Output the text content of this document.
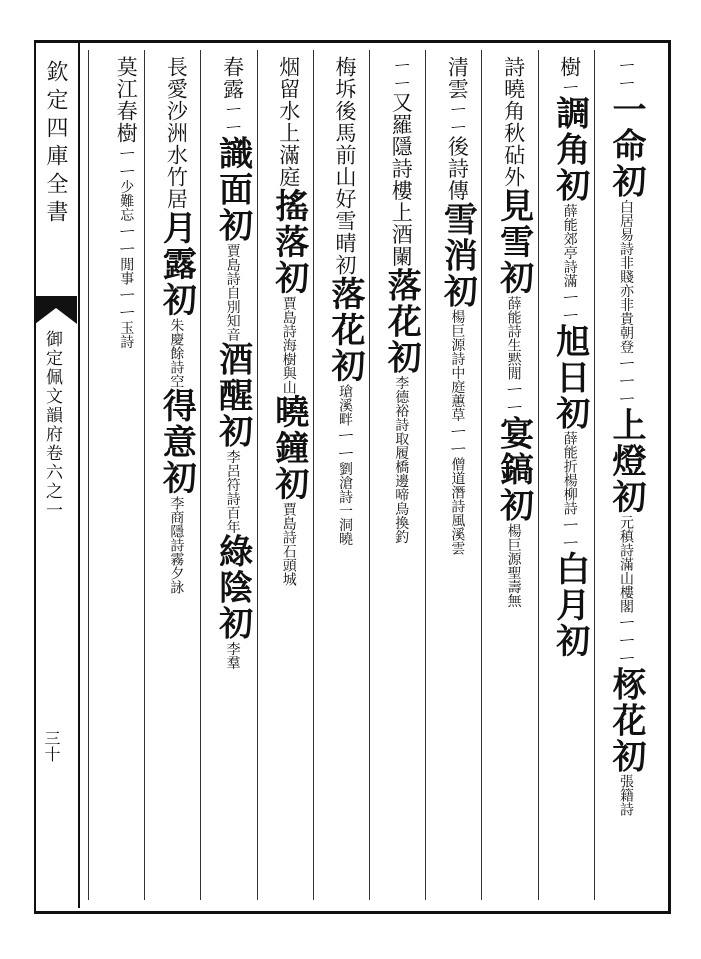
欽定四庫全書
御定佩文韻府卷六之一
三十
ㄧㄧ一命初白居易詩非賤亦非貴朝登ㄧㄧㄧ上燈初元稹詩滿山樓閣ㄧㄧㄧ㭬花初張籍詩
樹ㄧ調角初薛能郊亭詩滿ㄧㄧ旭日初薛能折楊柳詩ㄧㄧ白月初
詩曉角秋砧外見雪初薛能詩生黙閒ㄧㄧ宴鎬初楊巨源聖壽無
清雲ㄧㄧ後詩傳雪消初楊巨源詩中庭蕙草ㄧㄧ僧道潛詩風溪雲
ㄧㄧ又羅隱詩樓上酒闌落花初李德裕詩取履橋邊啼鳥換釣
梅坼後馬前山好雪晴初落花初瑲溪畔ㄧㄧ劉滄詩一洞曉
烟留水上滿庭搖落初賈島詩海樹與山曉鐘初賈島詩石頭城
春露ㄧㄧ識面初賈島詩自別知音酒醒初李呂符詩百年綠陰初李羣
長愛沙洲水竹居月露初朱慶餘詩空得意初李商隱詩霧夕詠
莫江春樹ㄧㄧ少難忘ㄧㄧ閒事ㄧㄧ玉詩
